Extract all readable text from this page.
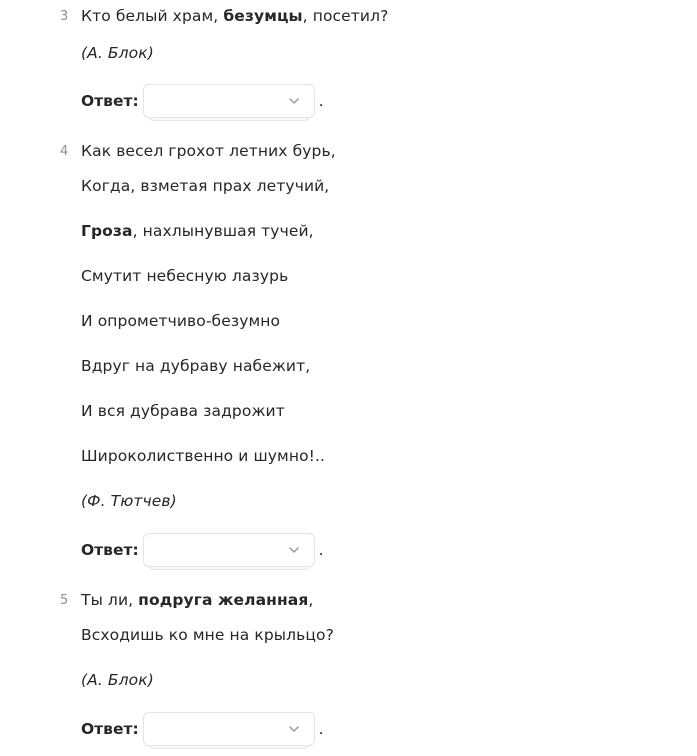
3 Кто белый храм, безумцы, посетил?
(А. Блок)
Ответ:	.
4 Как весел грохот летних бурь,
Когда, взметая прах летучий,
Гроза, нахлынувшая тучей,
Смутит небесную лазурь
И опрометчиво-безумно
Вдруг на дубраву набежит,
И вся дубрава задрожит
Широколиственно и шумно!..
(Ф. Тютчев)
Ответ:	.
5 Ты ли, подруга желанная,
Всходишь ко мне на крыльцо?
(А. Блок)
Ответ:	.
